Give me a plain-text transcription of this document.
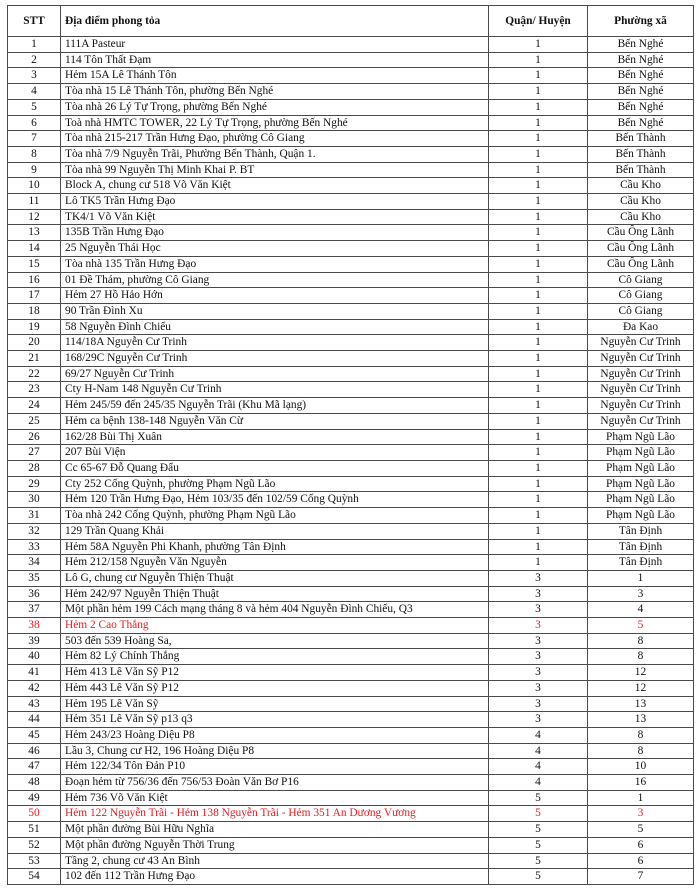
STT	Địa điểm phong tỏa	Quận/ Huyện	Phường xã
1	111A Pasteur	1	Bến Nghé
2	114 Tôn Thất Đạm	1	Bến Nghé
3	Hẻm 15A Lê Thánh Tôn	1	Bến Nghé
4	Tòa nhà 15 Lê Thánh Tôn, phường Bến Nghé	1	Bến Nghé
5	Tòa nhà 26 Lý Tự Trọng, phường Bến Nghé	1	Bến Nghé
6	Toà nhà HMTC TOWER, 22 Lý Tự Trọng, phường Bến Nghé	1	Bến Nghé
7	Tòa nhà 215-217 Trần Hưng Đạo, phường Cô Giang	1	Bến Thành
8	Tòa nhà 7/9 Nguyễn Trãi, Phường Bến Thành, Quận 1.	1	Bến Thành
9	Tòa nhà 99 Nguyễn Thị Minh Khai P. BT	1	Bến Thành
10	Block A, chung cư 518 Võ Văn Kiệt	1	Cầu Kho
11	Lô TK5 Trần Hưng Đạo	1	Cầu Kho
12	TK4/1 Võ Văn Kiệt	1	Cầu Kho
13	135B Trần Hưng Đạo	1	Cầu Ông Lãnh
14	25 Nguyễn Thái Học	1	Cầu Ông Lãnh
15	Tòa nhà 135 Trần Hưng Đạo	1	Cầu Ông Lãnh
16	01 Đề Thám, phường Cô Giang	1	Cô Giang
17	Hẻm 27 Hồ Hảo Hớn	1	Cô Giang
18	90 Trần Đình Xu	1	Cô Giang
19	58 Nguyễn Đình Chiểu	1	Đa Kao
20	114/18A Nguyễn Cư Trinh	1	Nguyễn Cư Trinh
21	168/29C Nguyễn Cư Trinh	1	Nguyễn Cư Trinh
22	69/27 Nguyễn Cư Trinh	1	Nguyễn Cư Trinh
23	Cty H-Nam 148 Nguyễn Cư Trinh	1	Nguyễn Cư Trinh
24	Hẻm 245/59 đến 245/35 Nguyễn Trãi (Khu Mã lạng)	1	Nguyễn Cư Trinh
25	Hẻm ca bệnh 138-148 Nguyễn Văn Cừ	1	Nguyễn Cư Trinh
26	162/28 Bùi Thị Xuân	1	Phạm Ngũ Lão
27	207 Bùi Viện	1	Phạm Ngũ Lão
28	Cc 65-67 Đỗ Quang Đẩu	1	Phạm Ngũ Lão
29	Cty 252 Cống Quỳnh, phường Phạm Ngũ Lão	1	Phạm Ngũ Lão
30	Hẻm 120 Trần Hưng Đạo, Hẻm 103/35 đến 102/59 Cống Quỳnh	1	Phạm Ngũ Lão
31	Tòa nhà 242 Cống Quỳnh, phường Phạm Ngũ Lão	1	Phạm Ngũ Lão
32	129 Trần Quang Khải	1	Tân Định
33	Hẻm 58A Nguyễn Phi Khanh, phường Tân Định	1	Tân Định
34	Hẻm 212/158 Nguyễn Văn Nguyễn	1	Tân Định
35	Lô G, chung cư Nguyễn Thiện Thuật	3	1
36	Hẻm 242/97 Nguyễn Thiện Thuật	3	3
37	Một phần hẻm 199 Cách mạng tháng 8 và hẻm 404 Nguyễn Đình Chiểu, Q3	3	4
38	Hẻm 2 Cao Thắng	3	5
39	503 đến 539 Hoàng Sa,	3	8
40	Hẻm 82 Lý Chính Thắng	3	8
41	Hẻm 413 Lê Văn Sỹ P12	3	12
42	Hẻm 443 Lê Văn Sỹ P12	3	12
43	Hẻm 195 Lê Văn Sỹ	3	13
44	Hẻm 351 Lê Văn Sỹ p13 q3	3	13
45	Hẻm 243/23 Hoàng Diệu P8	4	8
46	Lầu 3, Chung cư H2, 196 Hoàng Diệu P8	4	8
47	Hẻm 122/34 Tôn Đản P10	4	10
48	Đoạn hẻm từ 756/36 đến 756/53 Đoàn Văn Bơ P16	4	16
49	Hẻm 736 Võ Văn Kiệt	5	1
50	Hẻm 122 Nguyễn Trãi - Hẻm 138 Nguyễn Trãi - Hẻm 351 An Dương Vương	5	3
51	Một phần đường Bùi Hữu Nghĩa	5	5
52	Một phần đường Nguyễn Thời Trung	5	6
53	Tầng 2, chung cư 43 An Bình	5	6
54	102 đến 112 Trần Hưng Đạo	5	7
